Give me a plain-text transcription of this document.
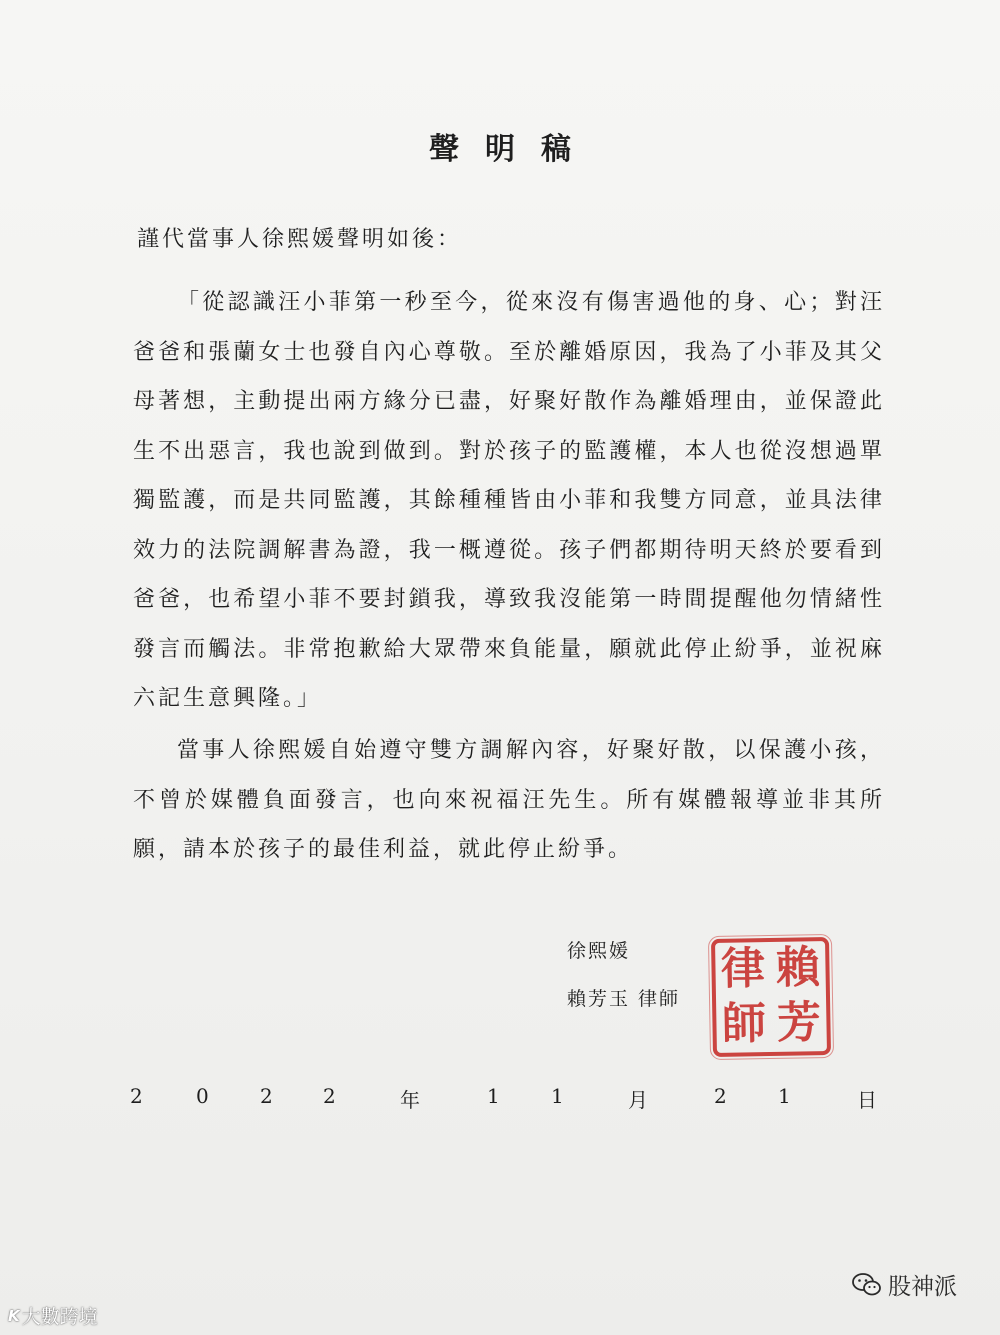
聲明稿
謹代當事人徐熙媛聲明如後：

「從認識汪小菲第一秒至今，從來沒有傷害過他的身、心；對汪爸爸和張蘭女士也發自內心尊敬。至於離婚原因，我為了小菲及其父母著想，主動提出兩方緣分已盡，好聚好散作為離婚理由，並保證此生不出惡言，我也說到做到。對於孩子的監護權，本人也從沒想過單獨監護，而是共同監護，其餘種種皆由小菲和我雙方同意，並具法律效力的法院調解書為證，我一概遵從。孩子們都期待明天終於要看到爸爸，也希望小菲不要封鎖我，導致我沒能第一時間提醒他勿情緒性發言而觸法。非常抱歉給大眾帶來負能量，願就此停止紛爭，並祝麻六記生意興隆。」

當事人徐熙媛自始遵守雙方調解內容，好聚好散，以保護小孩，不曾於媒體負面發言，也向來祝福汪先生。所有媒體報導並非其所願，請本於孩子的最佳利益，就此停止紛爭。

徐熙媛
賴芳玉 律師
律 賴
師 芳
2	0	2	2	年	1	1	月	2	1	日
K 大數跨境
股神派
